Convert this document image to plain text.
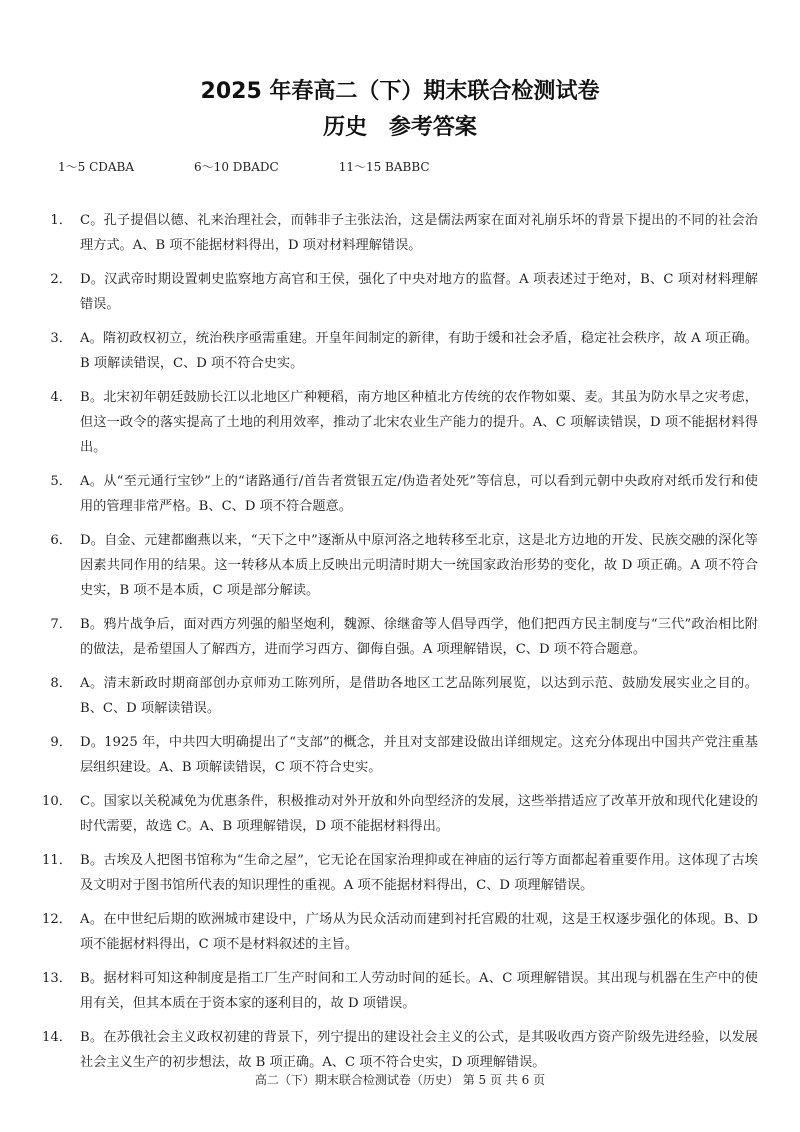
2025 年春高二（下）期末联合检测试卷
历史 参考答案
1～5 CDABA	6～10 DBADC	11～15 BABBC
1． C。孔子提倡以德、礼来治理社会，而韩非子主张法治，这是儒法两家在面对礼崩乐坏的背景下提出的不同的社会治理方式。A、B 项不能据材料得出，D 项对材料理解错误。
2． D。汉武帝时期设置刺史监察地方高官和王侯，强化了中央对地方的监督。A 项表述过于绝对，B、C 项对材料理解错误。
3． A。隋初政权初立，统治秩序亟需重建。开皇年间制定的新律，有助于缓和社会矛盾，稳定社会秩序，故 A 项正确。B 项解读错误，C、D 项不符合史实。
4． B。北宋初年朝廷鼓励长江以北地区广种粳稻，南方地区种植北方传统的农作物如粟、麦。其虽为防水旱之灾考虑，但这一政令的落实提高了土地的利用效率，推动了北宋农业生产能力的提升。A、C 项解读错误，D 项不能据材料得出。
5． A。从“至元通行宝钞”上的“诸路通行/首告者赏银五定/伪造者处死”等信息，可以看到元朝中央政府对纸币发行和使用的管理非常严格。B、C、D 项不符合题意。
6． D。自金、元建都幽燕以来，“天下之中”逐渐从中原河洛之地转移至北京，这是北方边地的开发、民族交融的深化等因素共同作用的结果。这一转移从本质上反映出元明清时期大一统国家政治形势的变化，故 D 项正确。A 项不符合史实，B 项不是本质，C 项是部分解读。
7． B。鸦片战争后，面对西方列强的船坚炮利，魏源、徐继畲等人倡导西学，他们把西方民主制度与“三代”政治相比附的做法，是希望国人了解西方，进而学习西方、御侮自强。A 项理解错误，C、D 项不符合题意。
8． A。清末新政时期商部创办京师劝工陈列所，是借助各地区工艺品陈列展览，以达到示范、鼓励发展实业之目的。B、C、D 项解读错误。
9． D。1925 年，中共四大明确提出了“支部”的概念，并且对支部建设做出详细规定。这充分体现出中国共产党注重基层组织建设。A、B 项解读错误，C 项不符合史实。
10． C。国家以关税减免为优惠条件，积极推动对外开放和外向型经济的发展，这些举措适应了改革开放和现代化建设的时代需要，故选 C。A、B 项理解错误，D 项不能据材料得出。
11． B。古埃及人把图书馆称为“生命之屋”，它无论在国家治理抑或在神庙的运行等方面都起着重要作用。这体现了古埃及文明对于图书馆所代表的知识理性的重视。A 项不能据材料得出，C、D 项理解错误。
12． A。在中世纪后期的欧洲城市建设中，广场从为民众活动而建到衬托宫殿的壮观，这是王权逐步强化的体现。B、D 项不能据材料得出，C 项不是材料叙述的主旨。
13． B。据材料可知这种制度是指工厂生产时间和工人劳动时间的延长。A、C 项理解错误。其出现与机器在生产中的使用有关，但其本质在于资本家的逐利目的，故 D 项错误。
14． B。在苏俄社会主义政权初建的背景下，列宁提出的建设社会主义的公式，是其吸收西方资产阶级先进经验，以发展社会主义生产的初步想法，故 B 项正确。A、C 项不符合史实，D 项理解错误。
高二（下）期末联合检测试卷（历史） 第 5 页 共 6 页
